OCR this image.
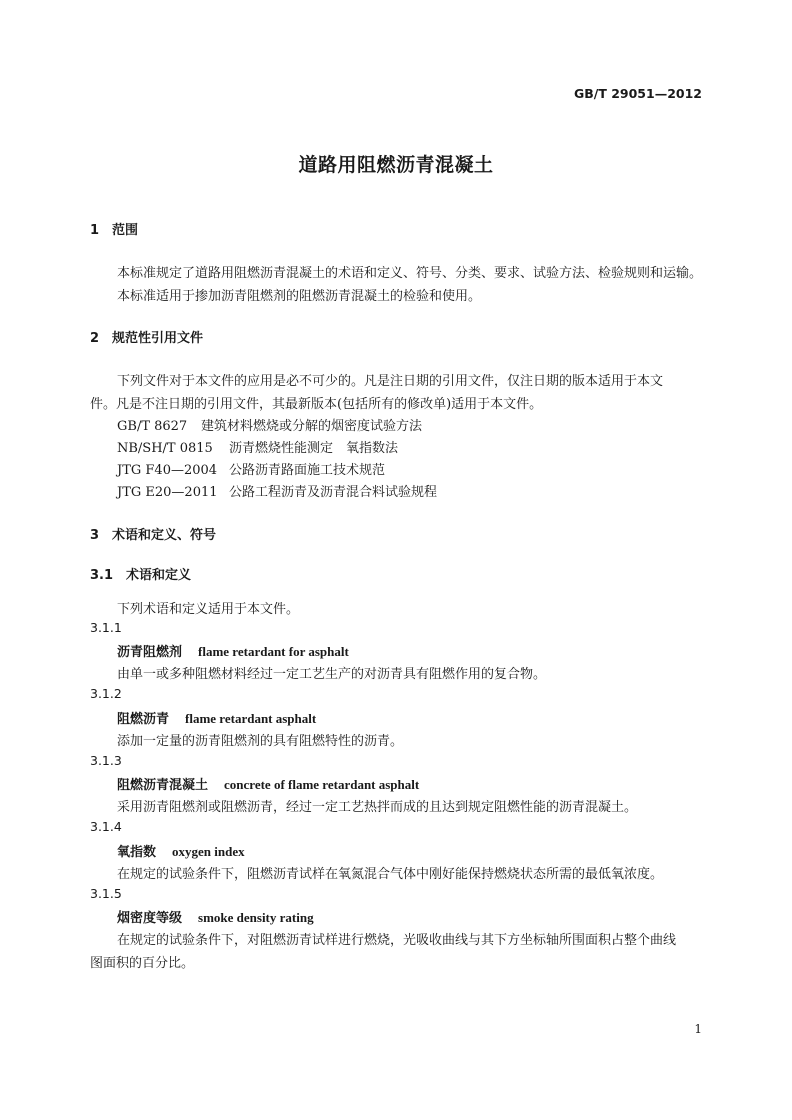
GB/T 29051—2012
道路用阻燃沥青混凝土
1　范围
本标准规定了道路用阻燃沥青混凝土的术语和定义、符号、分类、要求、试验方法、检验规则和运输。
本标准适用于掺加沥青阻燃剂的阻燃沥青混凝土的检验和使用。
2　规范性引用文件
下列文件对于本文件的应用是必不可少的。凡是注日期的引用文件，仅注日期的版本适用于本文
件。凡是不注日期的引用文件，其最新版本(包括所有的修改单)适用于本文件。
GB/T 8627 建筑材料燃烧或分解的烟密度试验方法
NB/SH/T 0815 沥青燃烧性能测定　氧指数法
JTG F40—2004 公路沥青路面施工技术规范
JTG E20—2011 公路工程沥青及沥青混合料试验规程
3　术语和定义、符号
3.1　术语和定义
下列术语和定义适用于本文件。
3.1.1
沥青阻燃剂 flame retardant for asphalt
由单一或多种阻燃材料经过一定工艺生产的对沥青具有阻燃作用的复合物。
3.1.2
阻燃沥青 flame retardant asphalt
添加一定量的沥青阻燃剂的具有阻燃特性的沥青。
3.1.3
阻燃沥青混凝土 concrete of flame retardant asphalt
采用沥青阻燃剂或阻燃沥青，经过一定工艺热拌而成的且达到规定阻燃性能的沥青混凝土。
3.1.4
氧指数 oxygen index
在规定的试验条件下，阻燃沥青试样在氧氮混合气体中刚好能保持燃烧状态所需的最低氧浓度。
3.1.5
烟密度等级 smoke density rating
在规定的试验条件下，对阻燃沥青试样进行燃烧，光吸收曲线与其下方坐标轴所围面积占整个曲线
图面积的百分比。
1
